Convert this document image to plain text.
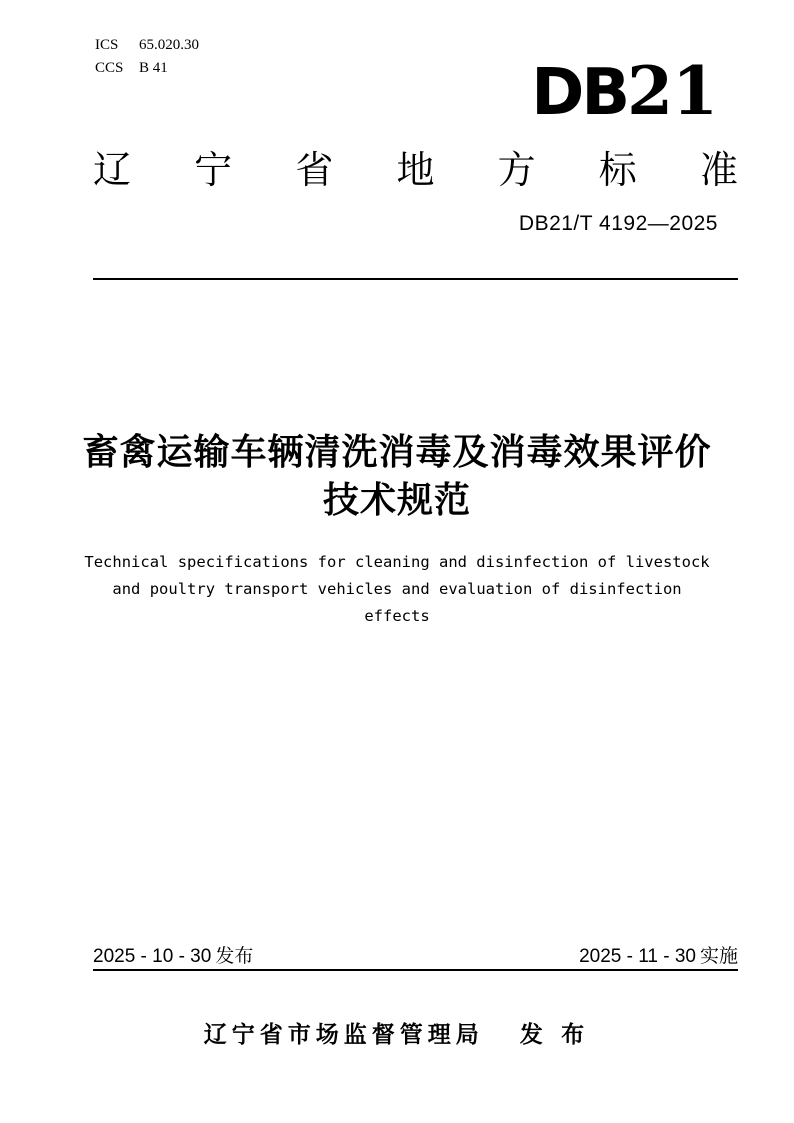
ICS	65.020.30
CCS	B 41	DB 21
辽 宁 省 地 方 标 准
DB21/T 4192—2025
畜禽运输车辆清洗消毒及消毒效果评价
技术规范
Technical specifications for cleaning and disinfection of livestock
and poultry transport vehicles and evaluation of disinfection
effects
2025 - 10 - 30 发布	2025 - 11 - 30 实施
辽宁省市场监督管理局 发 布
